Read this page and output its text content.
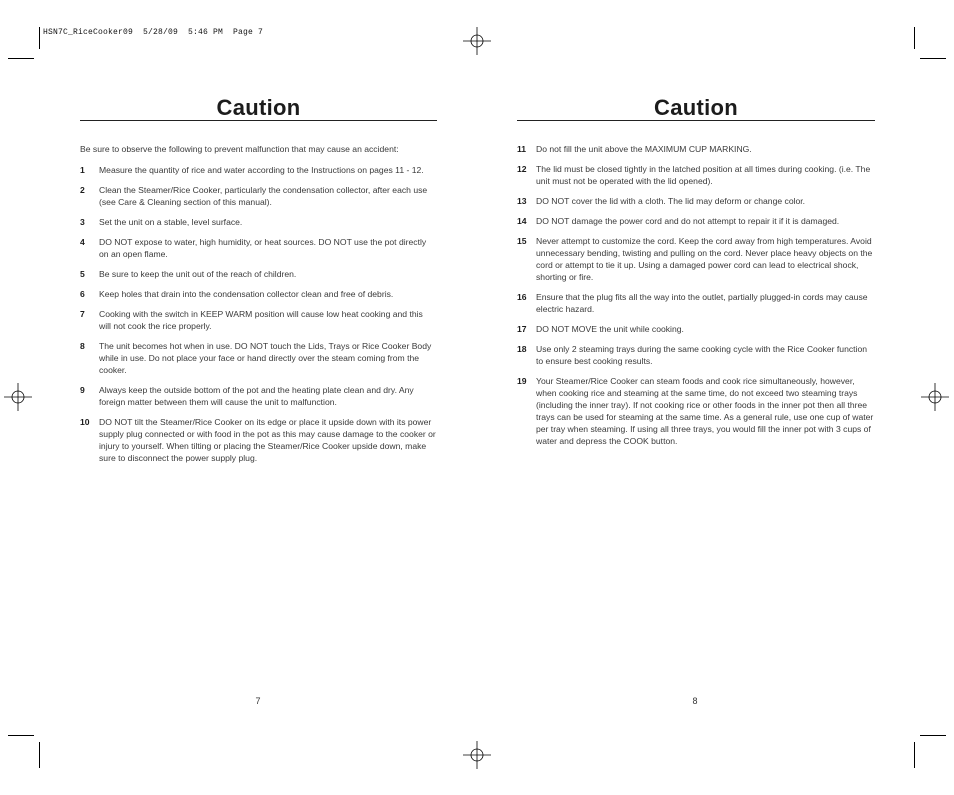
HSN7C_RiceCooker09  5/28/09  5:46 PM  Page 7
Caution
Be sure to observe the following to prevent malfunction that may cause an accident:
1	Measure the quantity of rice and water according to the Instructions on pages 11 - 12.
2	Clean the Steamer/Rice Cooker, particularly the condensation collector, after each use (see Care & Cleaning section of this manual).
3	Set the unit on a stable, level surface.
4	DO NOT expose to water, high humidity, or heat sources. DO NOT use the pot directly on an open flame.
5	Be sure to keep the unit out of the reach of children.
6	Keep holes that drain into the condensation collector clean and free of debris.
7	Cooking with the switch in KEEP WARM position will cause low heat cooking and this will not cook the rice properly.
8	The unit becomes hot when in use. DO NOT touch the Lids, Trays or Rice Cooker Body while in use. Do not place your face or hand directly over the steam coming from the cooker.
9	Always keep the outside bottom of the pot and the heating plate clean and dry. Any foreign matter between them will cause the unit to malfunction.
10	DO NOT tilt the Steamer/Rice Cooker on its edge or place it upside down with its power supply plug connected or with food in the pot as this may cause damage to the cooker or injury to yourself. When tilting or placing the Steamer/Rice Cooker upside down, make sure to disconnect the power supply plug.
7
Caution
11	Do not fill the unit above the MAXIMUM CUP MARKING.
12	The lid must be closed tightly in the latched position at all times during cooking. (i.e. The unit must not be operated with the lid opened).
13	DO NOT cover the lid with a cloth. The lid may deform or change color.
14	DO NOT damage the power cord and do not attempt to repair it if it is damaged.
15	Never attempt to customize the cord. Keep the cord away from high temperatures. Avoid unnecessary bending, twisting and pulling on the cord. Never place heavy objects on the cord or attempt to tie it up. Using a damaged power cord can lead to electrical shock, shorting or fire.
16	Ensure that the plug fits all the way into the outlet, partially plugged-in cords may cause electric hazard.
17	DO NOT MOVE the unit while cooking.
18	Use only 2 steaming trays during the same cooking cycle with the Rice Cooker function to ensure best cooking results.
19	Your Steamer/Rice Cooker can steam foods and cook rice simultaneously, however, when cooking rice and steaming at the same time, do not exceed two steaming trays (including the inner tray). If not cooking rice or other foods in the inner pot then all three trays can be used for steaming at the same time. As a general rule, use one cup of water per tray when steaming. If using all three trays, you would fill the inner pot with 3 cups of water and depress the COOK button.
8
